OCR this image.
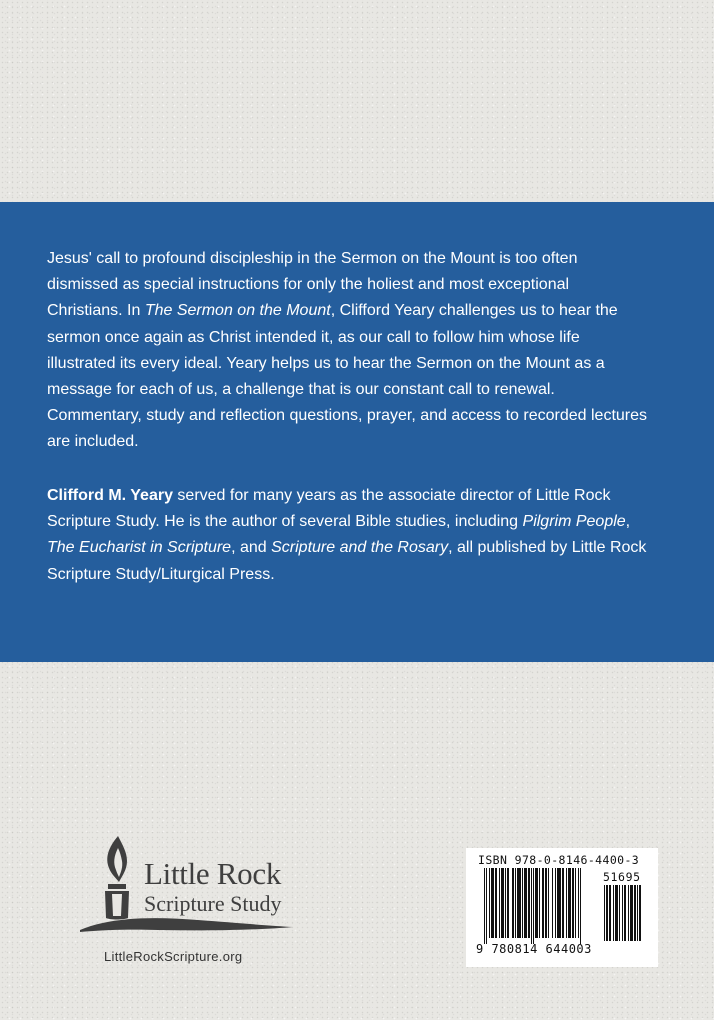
Jesus' call to profound discipleship in the Sermon on the Mount is too often dismissed as special instructions for only the holiest and most exceptional Christians. In The Sermon on the Mount, Clifford Yeary challenges us to hear the sermon once again as Christ intended it, as our call to follow him whose life illustrated its every ideal. Yeary helps us to hear the Sermon on the Mount as a message for each of us, a challenge that is our constant call to renewal. Commentary, study and reflection questions, prayer, and access to recorded lectures are included.

Clifford M. Yeary served for many years as the associate director of Little Rock Scripture Study. He is the author of several Bible studies, including Pilgrim People, The Eucharist in Scripture, and Scripture and the Rosary, all published by Little Rock Scripture Study/Liturgical Press.

Little Rock
Scripture Study
LittleRockScripture.org
ISBN 978-0-8146-4400-3
51695
9 780814 644003
